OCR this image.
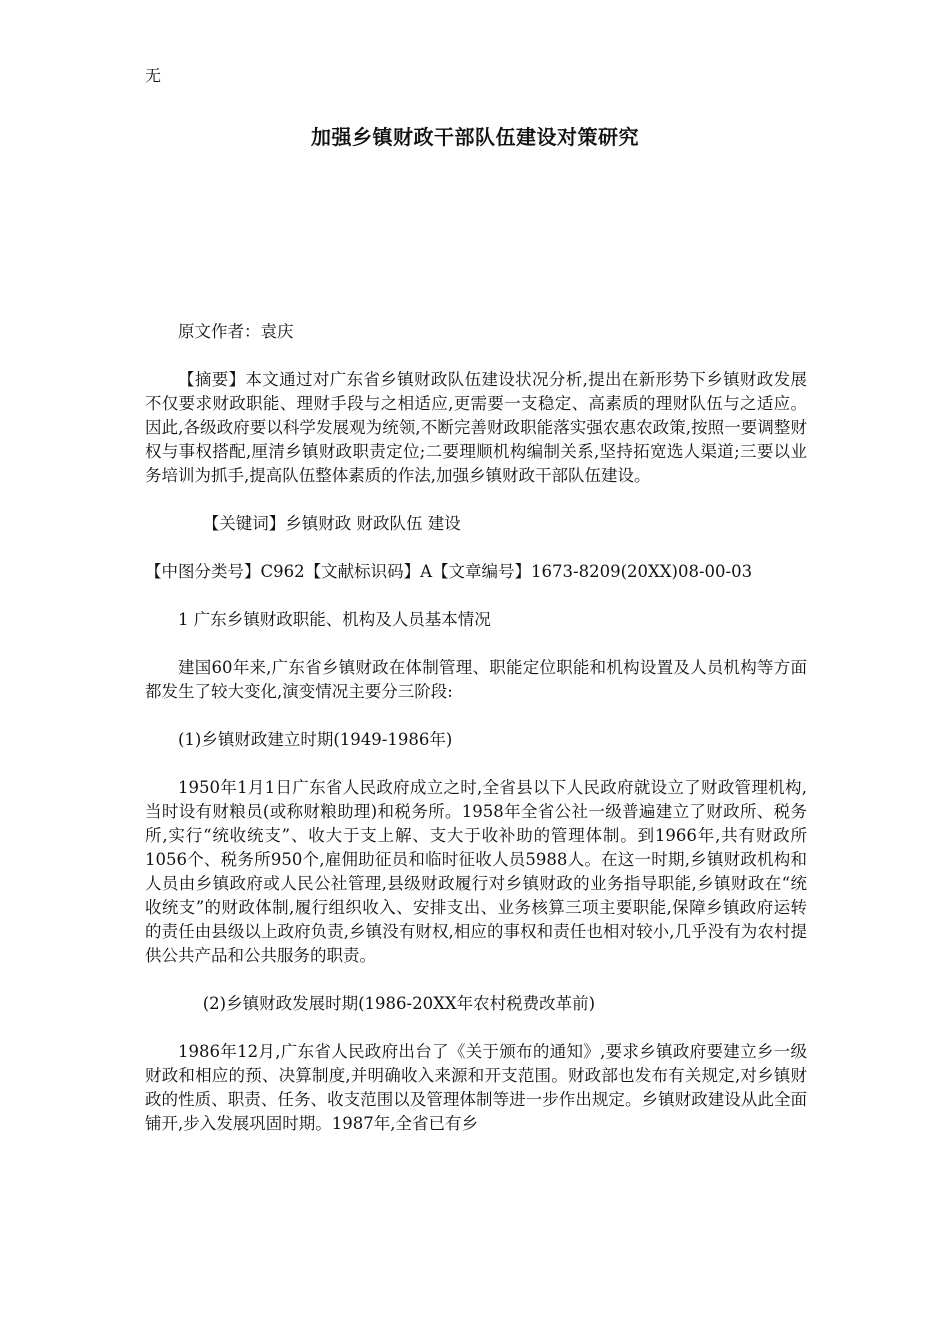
无
加强乡镇财政干部队伍建设对策研究

原文作者：袁庆

【摘要】本文通过对广东省乡镇财政队伍建设状况分析,提出在新形势下乡镇财政发展不仅要求财政职能、理财手段与之相适应,更需要一支稳定、高素质的理财队伍与之适应。因此,各级政府要以科学发展观为统领,不断完善财政职能落实强农惠农政策,按照一要调整财权与事权搭配,厘清乡镇财政职责定位;二要理顺机构编制关系,坚持拓宽选人渠道;三要以业务培训为抓手,提高队伍整体素质的作法,加强乡镇财政干部队伍建设。

【关键词】乡镇财政 财政队伍 建设

【中图分类号】C962【文献标识码】A【文章编号】1673-8209(20XX)08-00-03

1 广东乡镇财政职能、机构及人员基本情况

建国60年来,广东省乡镇财政在体制管理、职能定位职能和机构设置及人员机构等方面都发生了较大变化,演变情况主要分三阶段:

(1)乡镇财政建立时期(1949-1986年)

1950年1月1日广东省人民政府成立之时,全省县以下人民政府就设立了财政管理机构,当时设有财粮员(或称财粮助理)和税务所。1958年全省公社一级普遍建立了财政所、税务所,实行“统收统支”、收大于支上解、支大于收补助的管理体制。到1966年,共有财政所1056个、税务所950个,雇佣助征员和临时征收人员5988人。在这一时期,乡镇财政机构和人员由乡镇政府或人民公社管理,县级财政履行对乡镇财政的业务指导职能,乡镇财政在“统收统支”的财政体制,履行组织收入、安排支出、业务核算三项主要职能,保障乡镇政府运转的责任由县级以上政府负责,乡镇没有财权,相应的事权和责任也相对较小,几乎没有为农村提供公共产品和公共服务的职责。

(2)乡镇财政发展时期(1986-20XX年农村税费改革前)

1986年12月,广东省人民政府出台了《关于颁布的通知》,要求乡镇政府要建立乡一级财政和相应的预、决算制度,并明确收入来源和开支范围。财政部也发布有关规定,对乡镇财政的性质、职责、任务、收支范围以及管理体制等进一步作出规定。乡镇财政建设从此全面铺开,步入发展巩固时期。1987年,全省已有乡
